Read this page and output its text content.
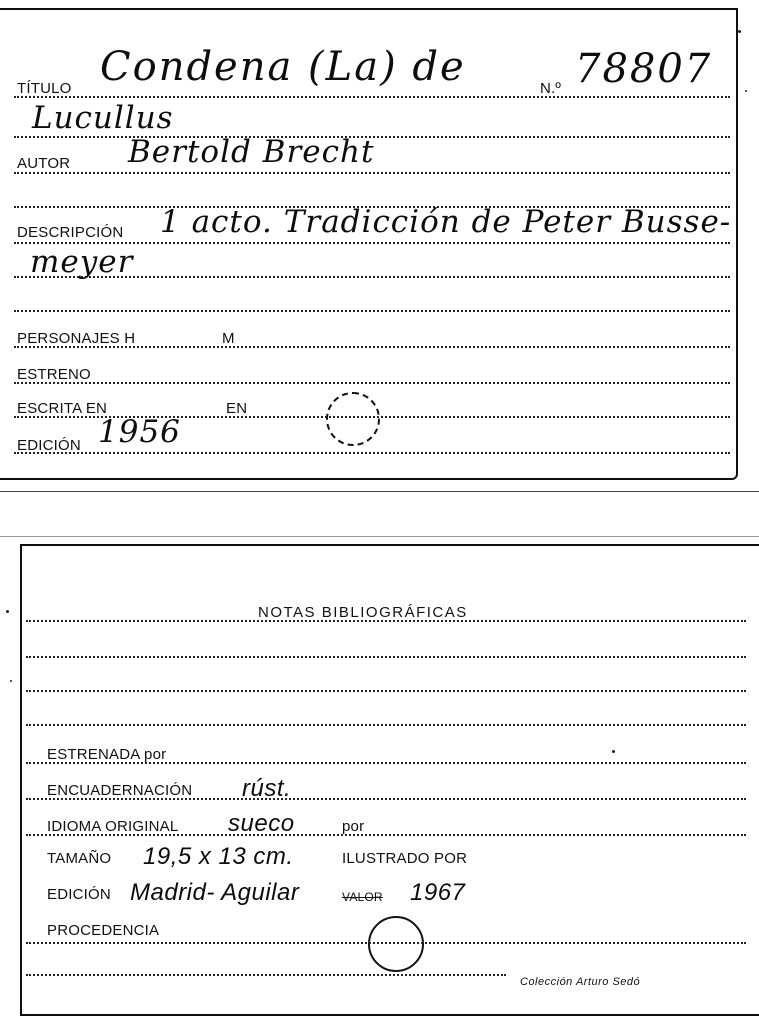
TÍTULO Condena (La) de	N.º 78807
Lucullus
AUTOR Bertold Brecht
DESCRIPCIÓN 1 acto. Tradicción de Peter Busse-
meyer
PERSONAJES H	M
ESTRENO
ESCRITA EN	EN
EDICIÓN 1956
NOTAS BIBLIOGRÁFICAS
ESTRENADA por
ENCUADERNACIÓN rúst.
IDIOMA ORIGINAL sueco	por
TAMAÑO 19,5 x 13 cm.	ILUSTRADO POR
EDICIÓN Madrid- Aguilar	VALOR 1967
PROCEDENCIA
Colección Arturo Sedó
